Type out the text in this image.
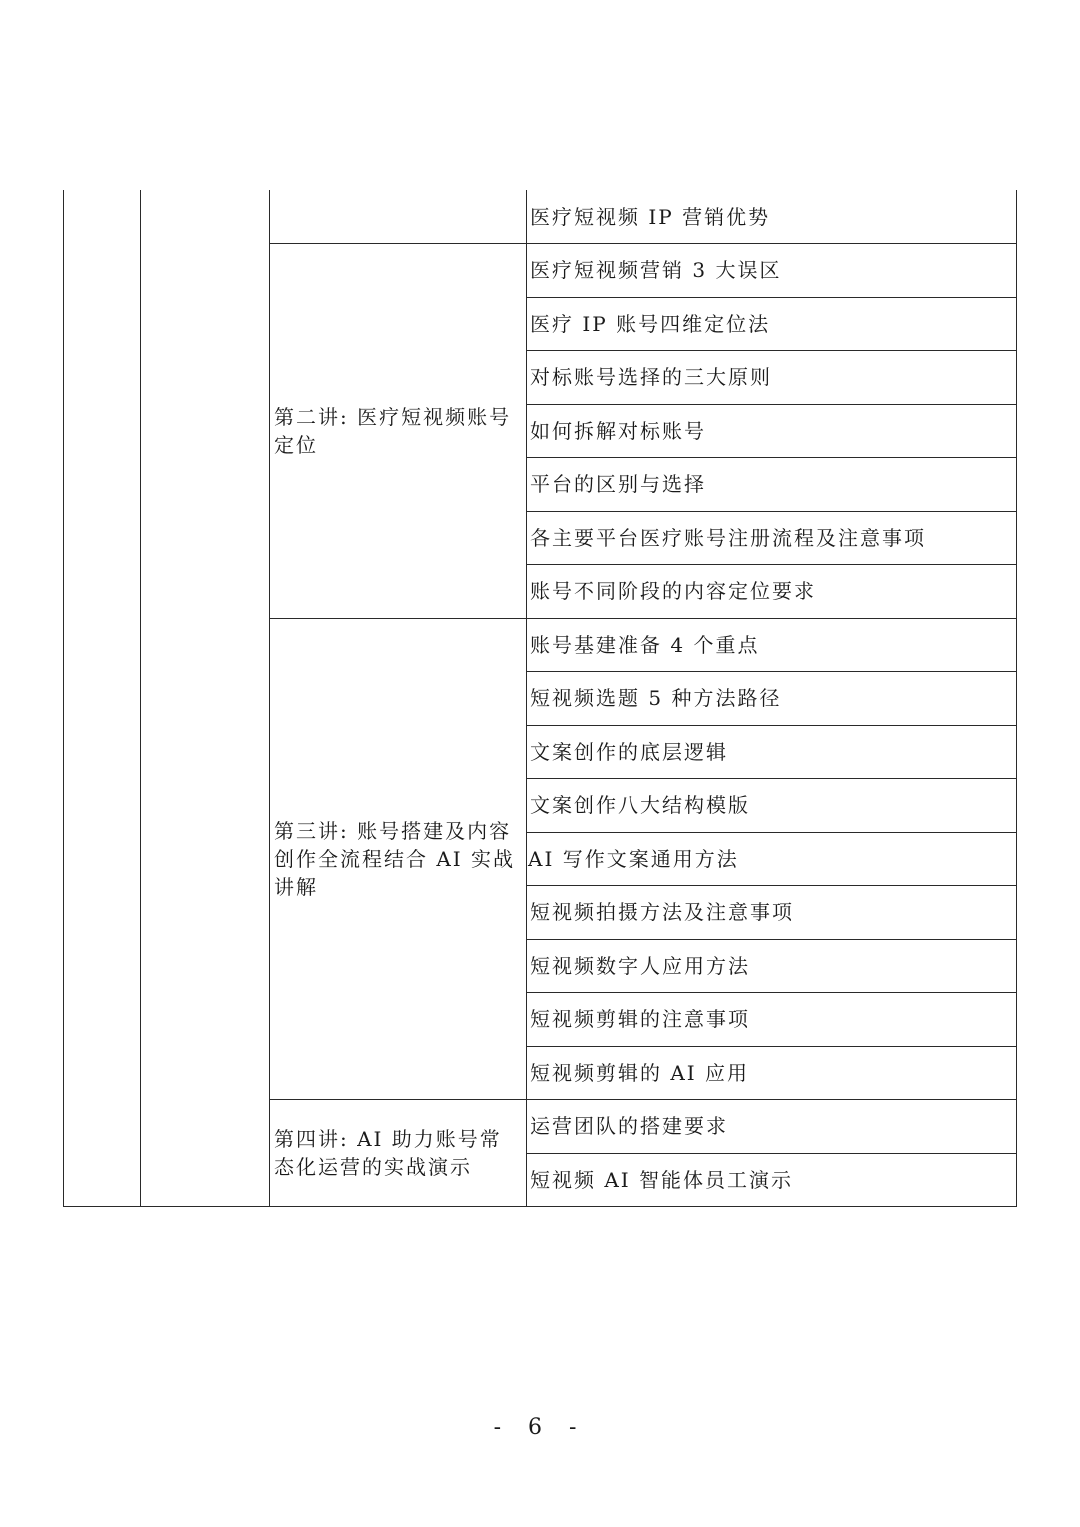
			医疗短视频 IP 营销优势
		第二讲: 医疗短视频账号定位	医疗短视频营销 3 大误区
			医疗 IP 账号四维定位法
			对标账号选择的三大原则
			如何拆解对标账号
			平台的区别与选择
			各主要平台医疗账号注册流程及注意事项
			账号不同阶段的内容定位要求
		第三讲: 账号搭建及内容创作全流程结合 AI 实战讲解	账号基建准备 4 个重点
			短视频选题 5 种方法路径
			文案创作的底层逻辑
			文案创作八大结构模版
			AI 写作文案通用方法
			短视频拍摄方法及注意事项
			短视频数字人应用方法
			短视频剪辑的注意事项
			短视频剪辑的 AI 应用
		第四讲: AI 助力账号常态化运营的实战演示	运营团队的搭建要求
			短视频 AI 智能体员工演示
- 6 -
